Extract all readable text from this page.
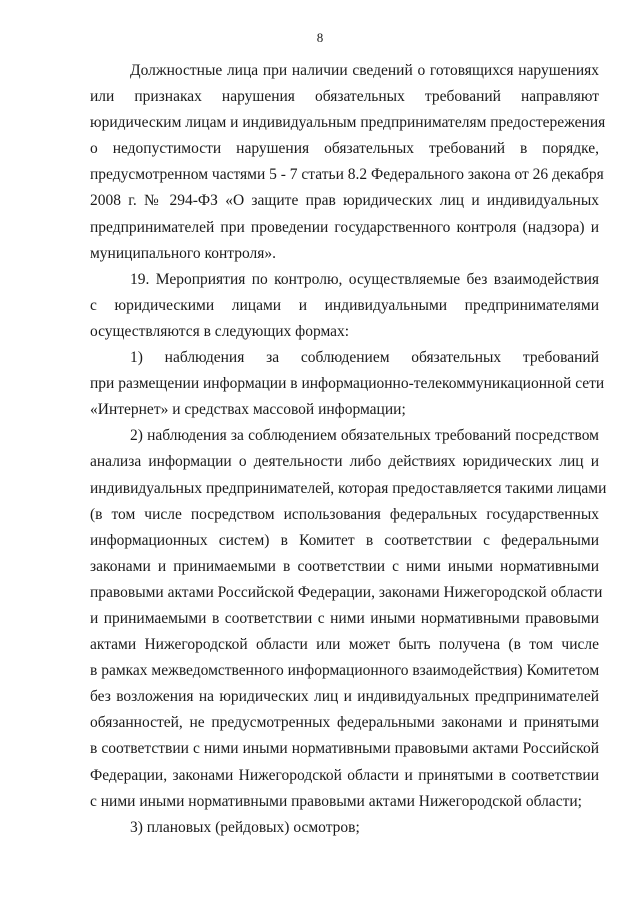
8
Должностные лица при наличии сведений о готовящихся нарушениях
или признаках нарушения обязательных требований направляют
юридическим лицам и индивидуальным предпринимателям предостережения
о недопустимости нарушения обязательных требований в порядке,
предусмотренном частями 5 - 7 статьи 8.2 Федерального закона от 26 декабря
2008 г. № 294-ФЗ «О защите прав юридических лиц и индивидуальных
предпринимателей при проведении государственного контроля (надзора) и
муниципального контроля».
19. Мероприятия по контролю, осуществляемые без взаимодействия
с юридическими лицами и индивидуальными предпринимателями
осуществляются в следующих формах:
1) наблюдения за соблюдением обязательных требований
при размещении информации в информационно-телекоммуникационной сети
«Интернет» и средствах массовой информации;
2) наблюдения за соблюдением обязательных требований посредством
анализа информации о деятельности либо действиях юридических лиц и
индивидуальных предпринимателей, которая предоставляется такими лицами
(в том числе посредством использования федеральных государственных
информационных систем) в Комитет в соответствии с федеральными
законами и принимаемыми в соответствии с ними иными нормативными
правовыми актами Российской Федерации, законами Нижегородской области
и принимаемыми в соответствии с ними иными нормативными правовыми
актами Нижегородской области или может быть получена (в том числе
в рамках межведомственного информационного взаимодействия) Комитетом
без возложения на юридических лиц и индивидуальных предпринимателей
обязанностей, не предусмотренных федеральными законами и принятыми
в соответствии с ними иными нормативными правовыми актами Российской
Федерации, законами Нижегородской области и принятыми в соответствии
с ними иными нормативными правовыми актами Нижегородской области;
3) плановых (рейдовых) осмотров;
